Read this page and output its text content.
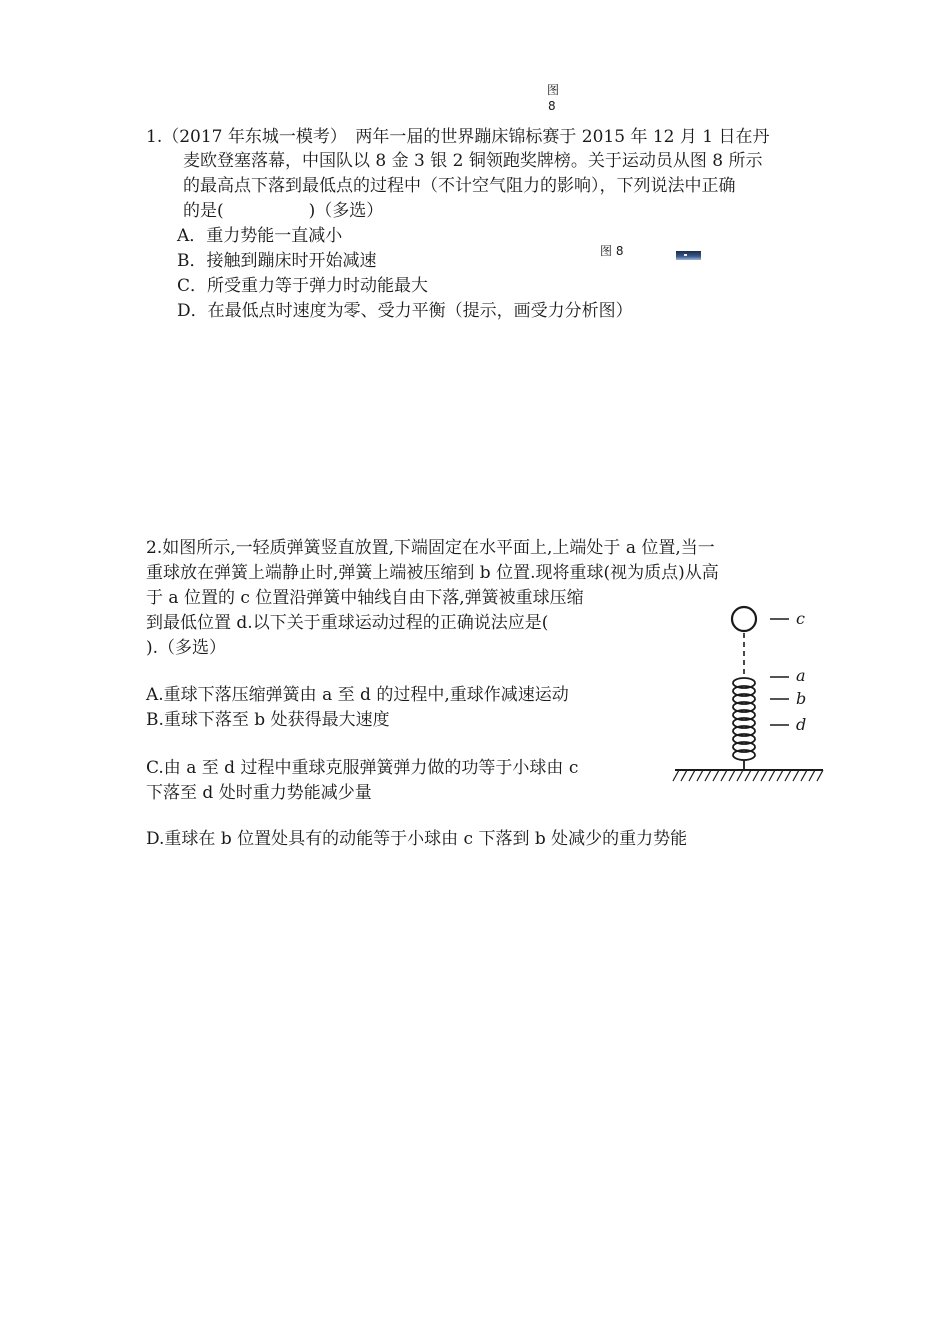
图
8
1.（2017 年东城一模考）　两年一届的世界蹦床锦标赛于 2015 年 12 月 1 日在丹
麦欧登塞落幕，中国队以 8 金 3 银 2 铜领跑奖牌榜。关于运动员从图 8 所示
的最高点下落到最低点的过程中（不计空气阻力的影响），下列说法中正确
的是(　　　　　)（多选）
A．重力势能一直减小
B．接触到蹦床时开始减速
C．所受重力等于弹力时动能最大
D．在最低点时速度为零、受力平衡（提示，画受力分析图）
图 8
2.如图所示,一轻质弹簧竖直放置,下端固定在水平面上,上端处于 a 位置,当一
重球放在弹簧上端静止时,弹簧上端被压缩到 b 位置.现将重球(视为质点)从高
于 a 位置的 c 位置沿弹簧中轴线自由下落,弹簧被重球压缩
到最低位置 d.以下关于重球运动过程的正确说法应是(
).（多选）
A.重球下落压缩弹簧由 a 至 d 的过程中,重球作减速运动
B.重球下落至 b 处获得最大速度
C.由 a 至 d 过程中重球克服弹簧弹力做的功等于小球由 c
下落至 d 处时重力势能减少量
D.重球在 b 位置处具有的动能等于小球由 c 下落到 b 处减少的重力势能
c
a
b
d
